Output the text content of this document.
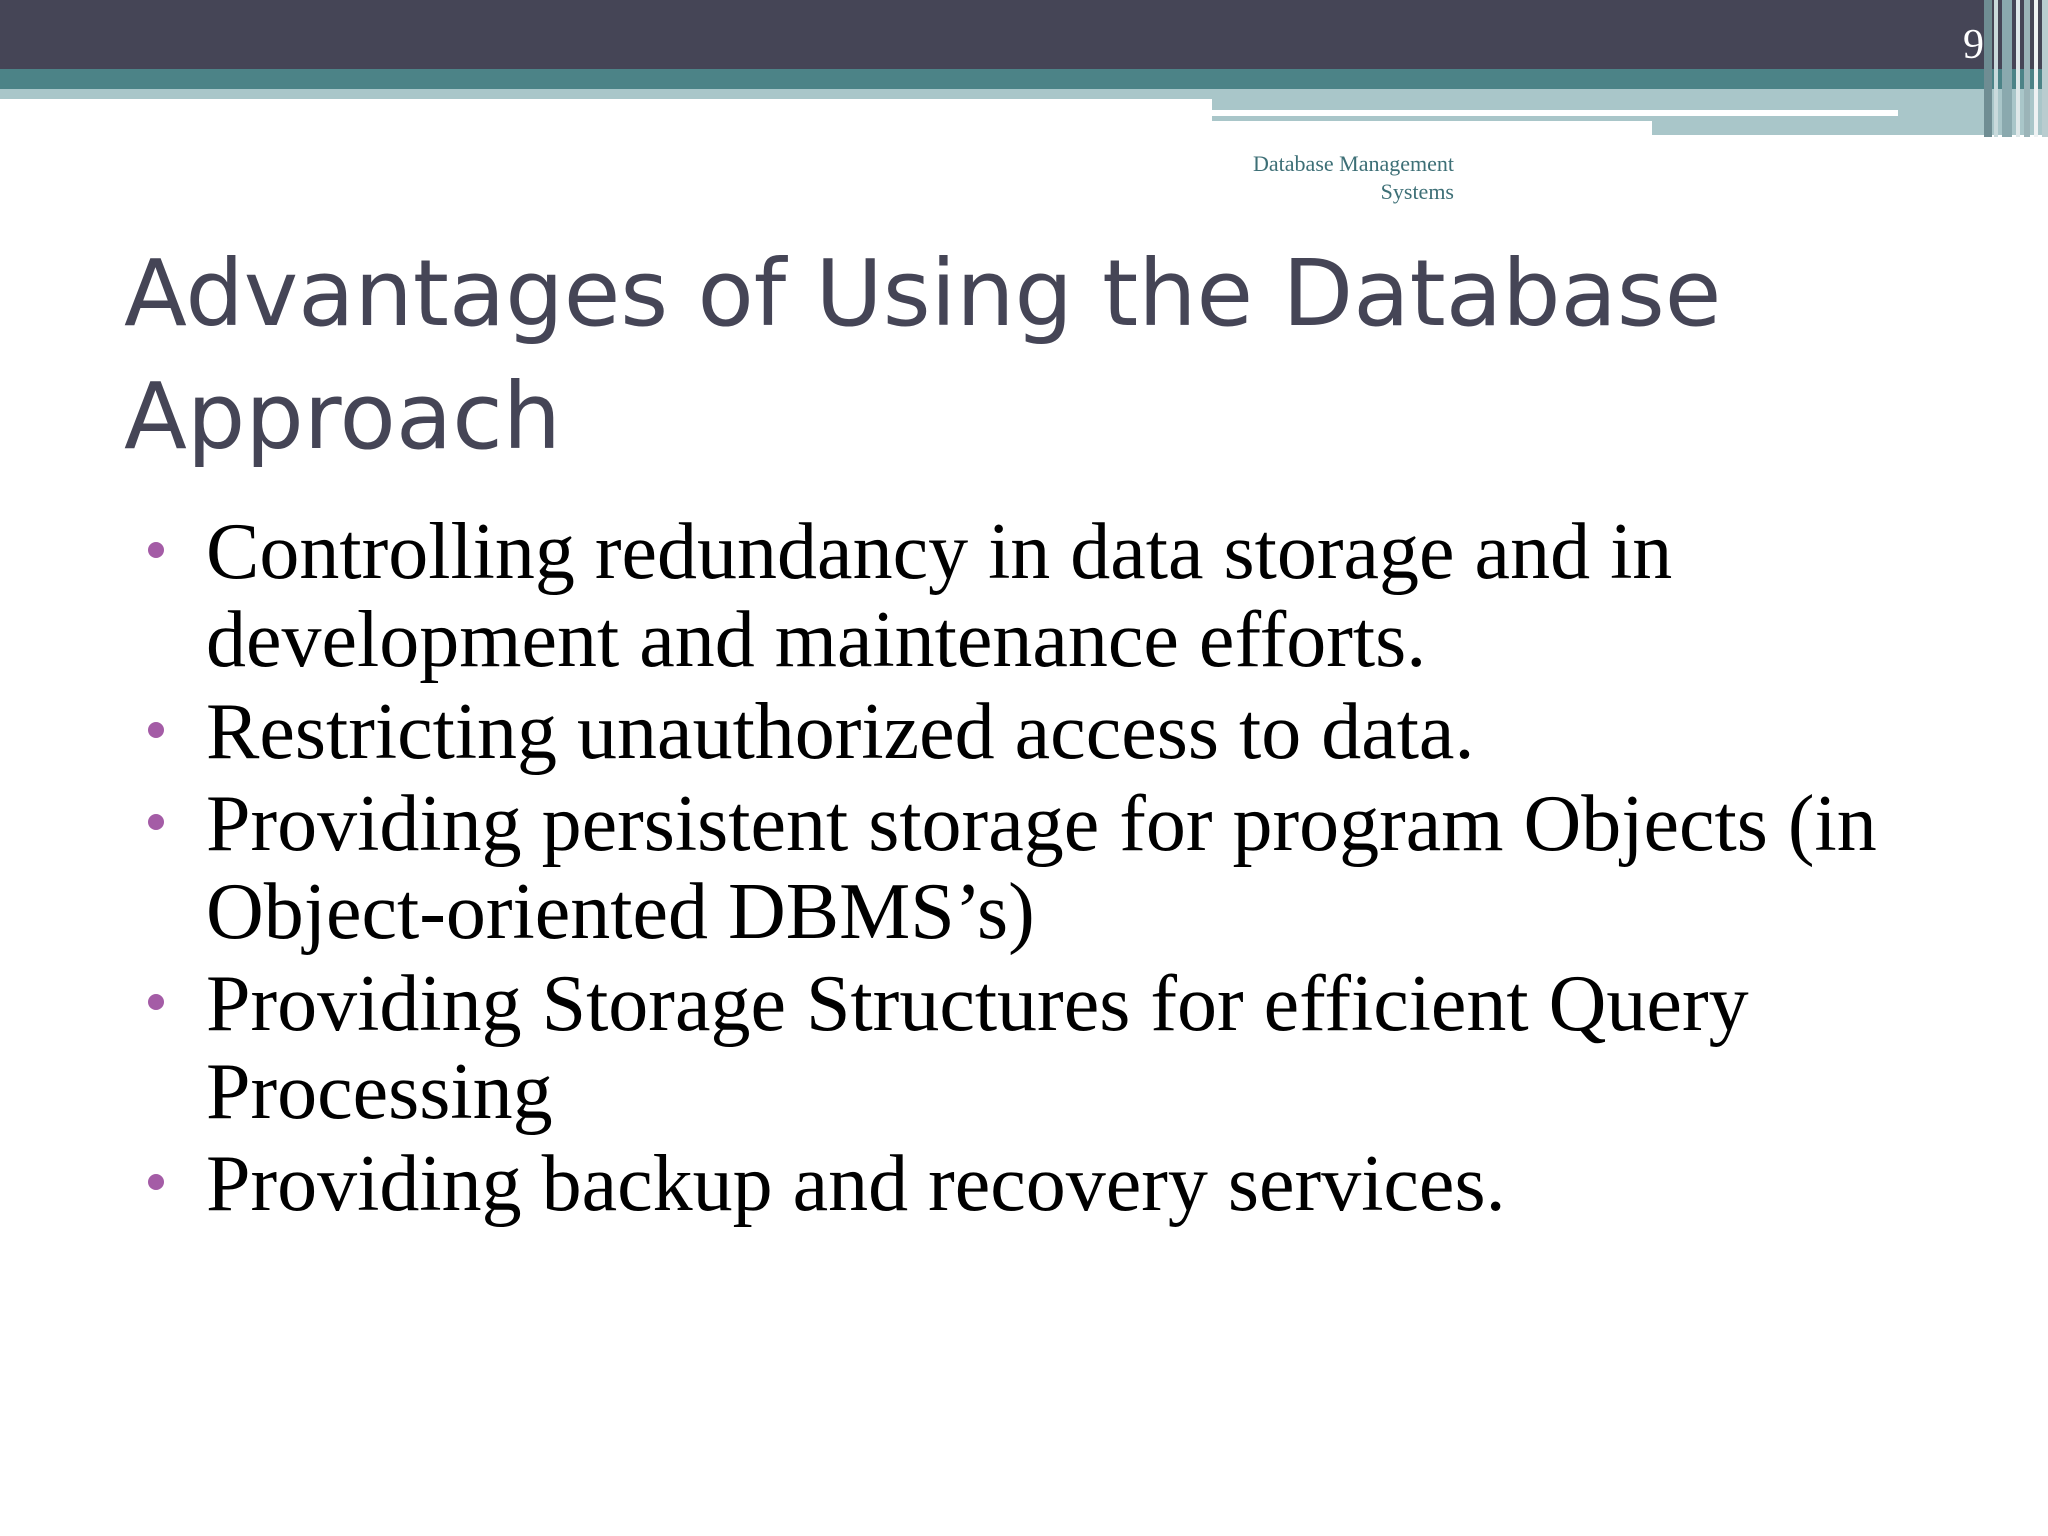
9
Database Management Systems
Advantages of Using the Database Approach
Controlling redundancy in data storage and in development and maintenance efforts.
Restricting unauthorized access to data.
Providing persistent storage for program Objects (in Object-oriented DBMS’s)
Providing Storage Structures for efficient Query Processing
Providing backup and recovery services.
